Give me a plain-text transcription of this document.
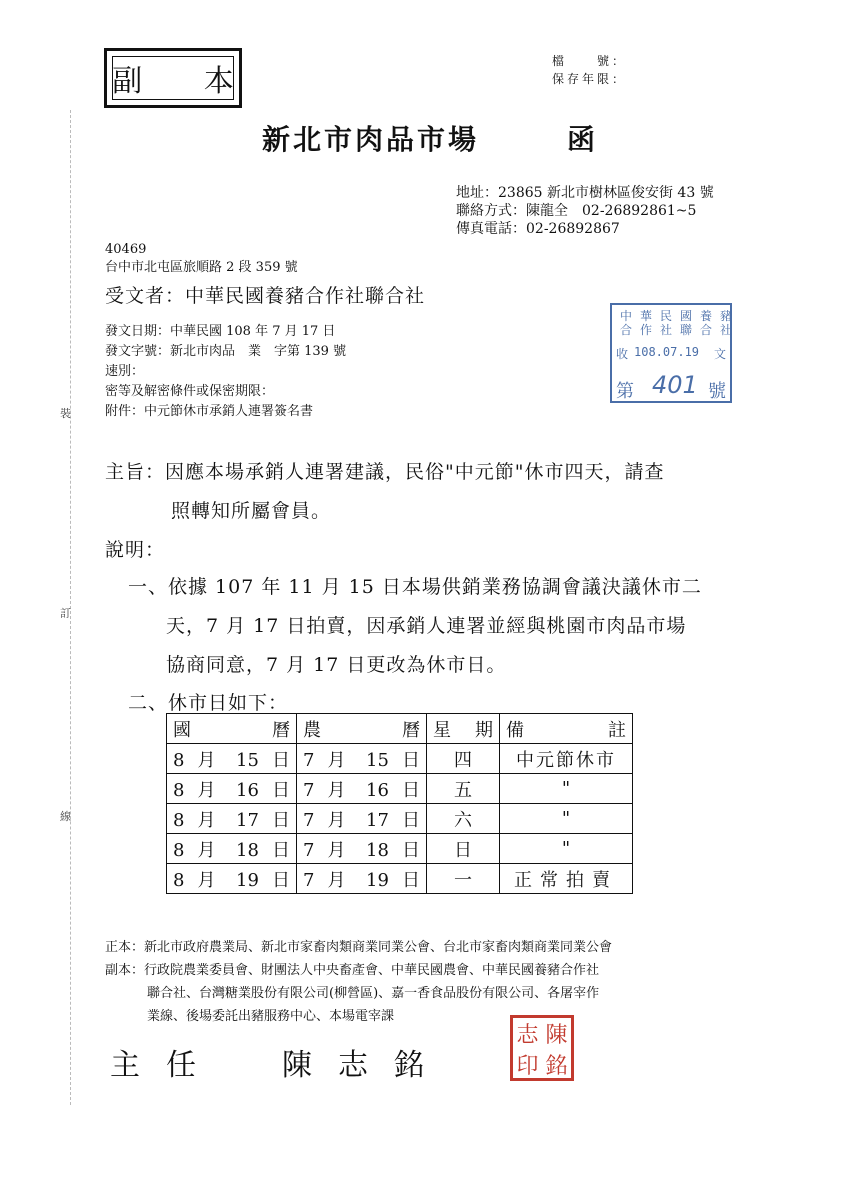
裝
訂
線
副 本
檔　　號：
保存年限：
新北市肉品市場	函
地址：23865 新北市樹林區俊安街 43 號
聯絡方式：陳龍全　02-26892861~5
傳真電話：02-26892867
40469
台中市北屯區旅順路 2 段 359 號
受文者：中華民國養豬合作社聯合社
發文日期：中華民國 108 年 7 月 17 日
發文字號：新北市肉品　業　字第 139 號
速別：
密等及解密條件或保密期限：
附件：中元節休市承銷人連署簽名書
中華民國養豬
合作社聯合社
收 108.07.19 文
第 401 號
主旨：因應本場承銷人連署建議，民俗"中元節"休市四天，請查
照轉知所屬會員。
說明：
一、依據 107 年 11 月 15 日本場供銷業務協調會議決議休市二
天，7 月 17 日拍賣，因承銷人連署並經與桃園市肉品市場
協商同意，7 月 17 日更改為休市日。
二、休市日如下：
國　曆	農　曆	星期	備　註
8 月 15 日	7 月 15 日	四	中元節休市
8 月 16 日	7 月 16 日	五	"
8 月 17 日	7 月 17 日	六	"
8 月 18 日	7 月 18 日	日	"
8 月 19 日	7 月 19 日	一	正常拍賣
正本：新北市政府農業局、新北市家畜肉類商業同業公會、台北市家畜肉類商業同業公會
副本：行政院農業委員會、財團法人中央畜產會、中華民國農會、中華民國養豬合作社
聯合社、台灣糖業股份有限公司(柳營區)、嘉一香食品股份有限公司、各屠宰作
業線、後場委託出豬服務中心、本場電宰課
主任　　 陳志銘
志 陳
印 銘
